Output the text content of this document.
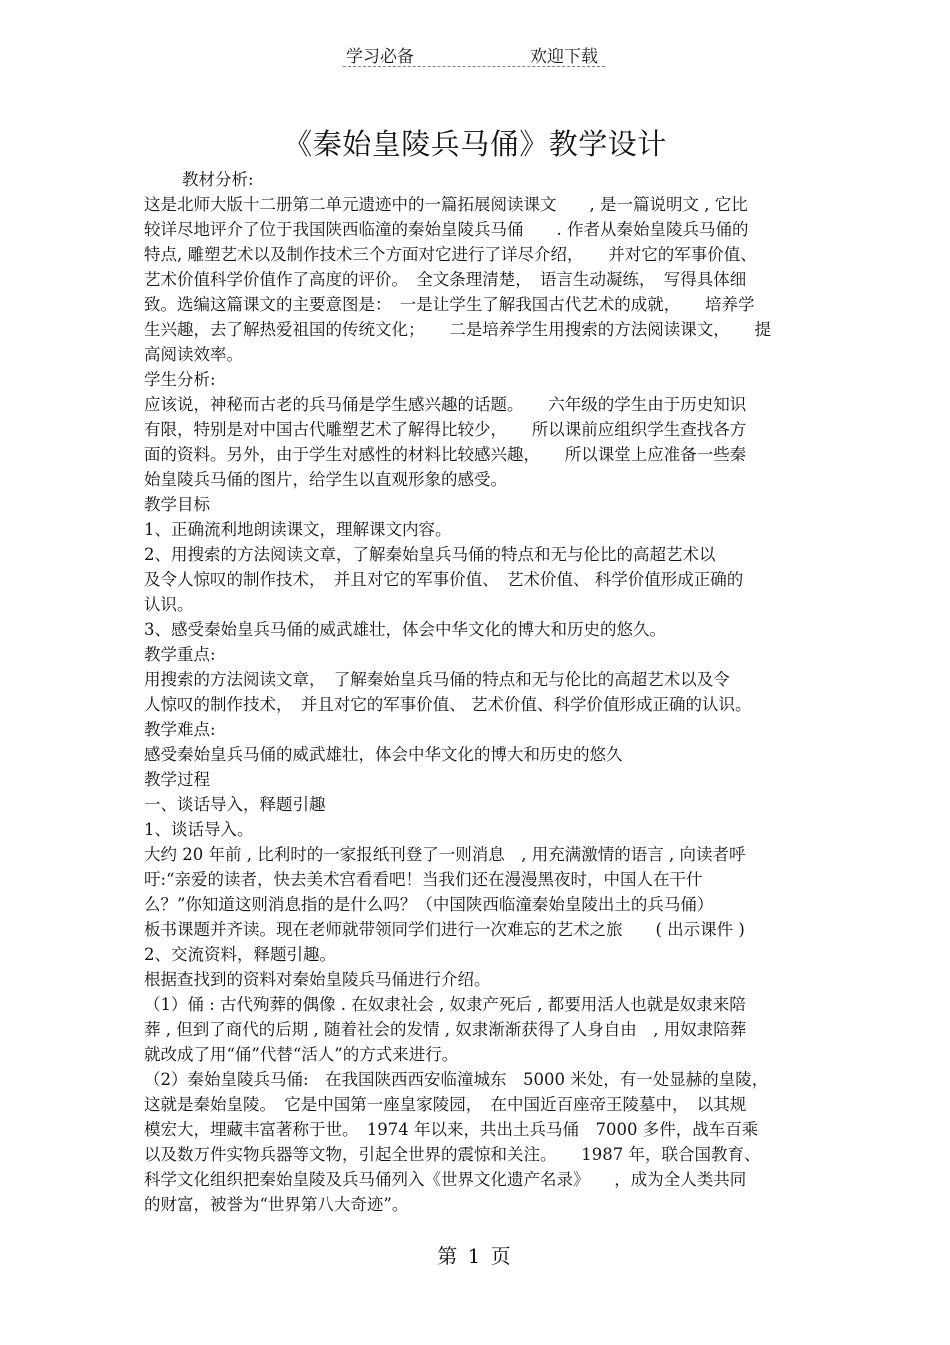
学习必备	欢迎下载
《秦始皇陵兵马俑》教学设计
教材分析:
这是北师大版十二册第二单元遗迹中的一篇拓展阅读课文　　, 是一篇说明文 , 它比
较详尽地评介了位于我国陕西临潼的秦始皇陵兵马俑　　. 作者从秦始皇陵兵马俑的
特点, 雕塑艺术以及制作技术三个方面对它进行了详尽介绍，　　并对它的军事价值、
艺术价值科学价值作了高度的评价。　全文条理清楚，　语言生动凝练，　写得具体细
致。选编这篇课文的主要意图是：　一是让学生了解我国古代艺术的成就，　　培养学
生兴趣，去了解热爱祖国的传统文化；　　二是培养学生用搜索的方法阅读课文，　　提
高阅读效率。
学生分析:
应该说，神秘而古老的兵马俑是学生感兴趣的话题。　　六年级的学生由于历史知识
有限，特别是对中国古代雕塑艺术了解得比较少，　　所以课前应组织学生查找各方
面的资料。另外，由于学生对感性的材料比较感兴趣，　　所以课堂上应准备一些秦
始皇陵兵马俑的图片，给学生以直观形象的感受。
教学目标
1、正确流利地朗读课文，理解课文内容。
2、用搜索的方法阅读文章，了解秦始皇兵马俑的特点和无与伦比的高超艺术以
及令人惊叹的制作技术，　并且对它的军事价值、　艺术价值、 科学价值形成正确的
认识。
3、感受秦始皇兵马俑的威武雄壮，体会中华文化的博大和历史的悠久。
教学重点:
用搜索的方法阅读文章，　了解秦始皇兵马俑的特点和无与伦比的高超艺术以及令
人惊叹的制作技术，　并且对它的军事价值、 艺术价值、科学价值形成正确的认识。
教学难点:
感受秦始皇兵马俑的威武雄壮，体会中华文化的博大和历史的悠久
教学过程
一、谈话导入，释题引趣
1、谈话导入。
大约 20 年前 , 比利时的一家报纸刊登了一则消息　, 用充满激情的语言 , 向读者呼
吁:“亲爱的读者，快去美术宫看看吧！当我们还在漫漫黑夜时，中国人在干什
么？”你知道这则消息指的是什么吗？（中国陕西临潼秦始皇陵出土的兵马俑）
板书课题并齐读。现在老师就带领同学们进行一次难忘的艺术之旅　　( 出示课件 )
2、交流资料，释题引趣。
根据查找到的资料对秦始皇陵兵马俑进行介绍。
（1）俑 : 古代殉葬的偶像 . 在奴隶社会 , 奴隶产死后 , 都要用活人也就是奴隶来陪
葬 , 但到了商代的后期 , 随着社会的发情 , 奴隶渐渐获得了人身自由　, 用奴隶陪葬
就改成了用“俑”代替“活人”的方式来进行。
（2）秦始皇陵兵马俑:　在我国陕西西安临潼城东　5000 米处，有一处显赫的皇陵，
这就是秦始皇陵。　它是中国第一座皇家陵园，　在中国近百座帝王陵墓中，　以其规
模宏大，埋藏丰富著称于世。　1974 年以来，共出土兵马俑　7000 多件，战车百乘
以及数万件实物兵器等文物，引起全世界的震惊和关注。　　1987 年，联合国教育、
科学文化组织把秦始皇陵及兵马俑列入《世界文化遗产名录》　　，成为全人类共同
的财富，被誉为“世界第八大奇迹”。
第 1 页
